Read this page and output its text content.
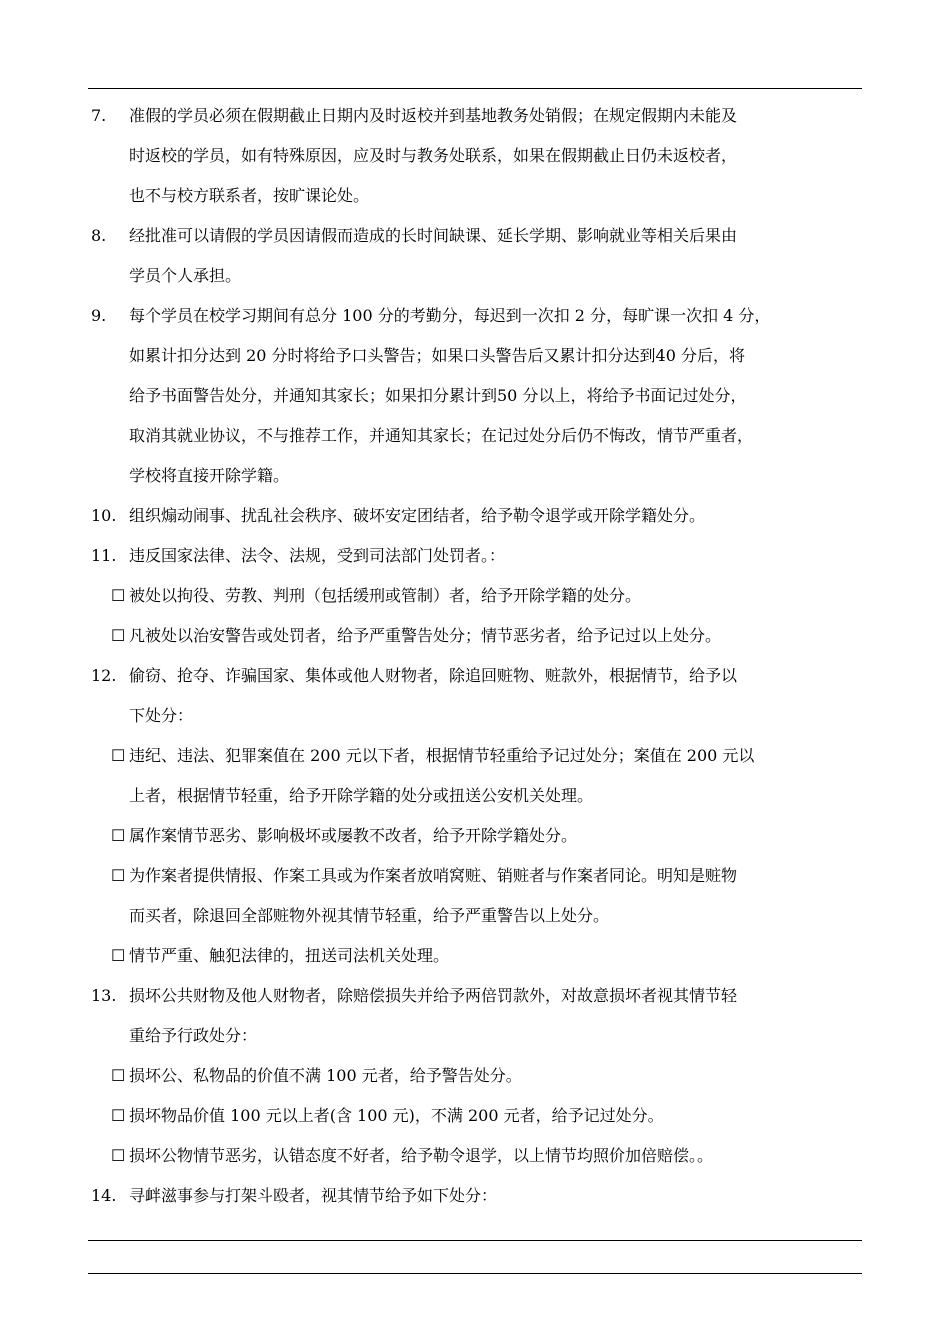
7. 准假的学员必须在假期截止日期内及时返校并到基地教务处销假；在规定假期内未能及
时返校的学员，如有特殊原因，应及时与教务处联系，如果在假期截止日仍未返校者，
也不与校方联系者，按旷课论处。
8. 经批准可以请假的学员因请假而造成的长时间缺课、延长学期、影响就业等相关后果由
学员个人承担。
9. 每个学员在校学习期间有总分 100 分的考勤分，每迟到一次扣 2 分，每旷课一次扣 4 分，
如累计扣分达到 20 分时将给予口头警告；如果口头警告后又累计扣分达到40 分后，将
给予书面警告处分，并通知其家长；如果扣分累计到50 分以上，将给予书面记过处分，
取消其就业协议，不与推荐工作，并通知其家长；在记过处分后仍不悔改，情节严重者，
学校将直接开除学籍。
10. 组织煽动闹事、扰乱社会秩序、破坏安定团结者，给予勒令退学或开除学籍处分。
11. 违反国家法律、法令、法规，受到司法部门处罚者。：
☐ 被处以拘役、劳教、判刑（包括缓刑或管制）者，给予开除学籍的处分。
☐ 凡被处以治安警告或处罚者，给予严重警告处分；情节恶劣者，给予记过以上处分。
12. 偷窃、抢夺、诈骗国家、集体或他人财物者，除追回赃物、赃款外，根据情节，给予以
下处分：
☐ 违纪、违法、犯罪案值在 200 元以下者，根据情节轻重给予记过处分；案值在 200 元以
上者，根据情节轻重，给予开除学籍的处分或扭送公安机关处理。
☐ 属作案情节恶劣、影响极坏或屡教不改者，给予开除学籍处分。
☐ 为作案者提供情报、作案工具或为作案者放哨窝赃、销赃者与作案者同论。明知是赃物
而买者，除退回全部赃物外视其情节轻重，给予严重警告以上处分。
☐ 情节严重、触犯法律的，扭送司法机关处理。
13. 损坏公共财物及他人财物者，除赔偿损失并给予两倍罚款外，对故意损坏者视其情节轻
重给予行政处分：
☐ 损坏公、私物品的价值不满 100 元者，给予警告处分。
☐ 损坏物品价值 100 元以上者(含 100 元)，不满 200 元者，给予记过处分。
☐ 损坏公物情节恶劣，认错态度不好者，给予勒令退学，以上情节均照价加倍赔偿。。
14. 寻衅滋事参与打架斗殴者，视其情节给予如下处分：
